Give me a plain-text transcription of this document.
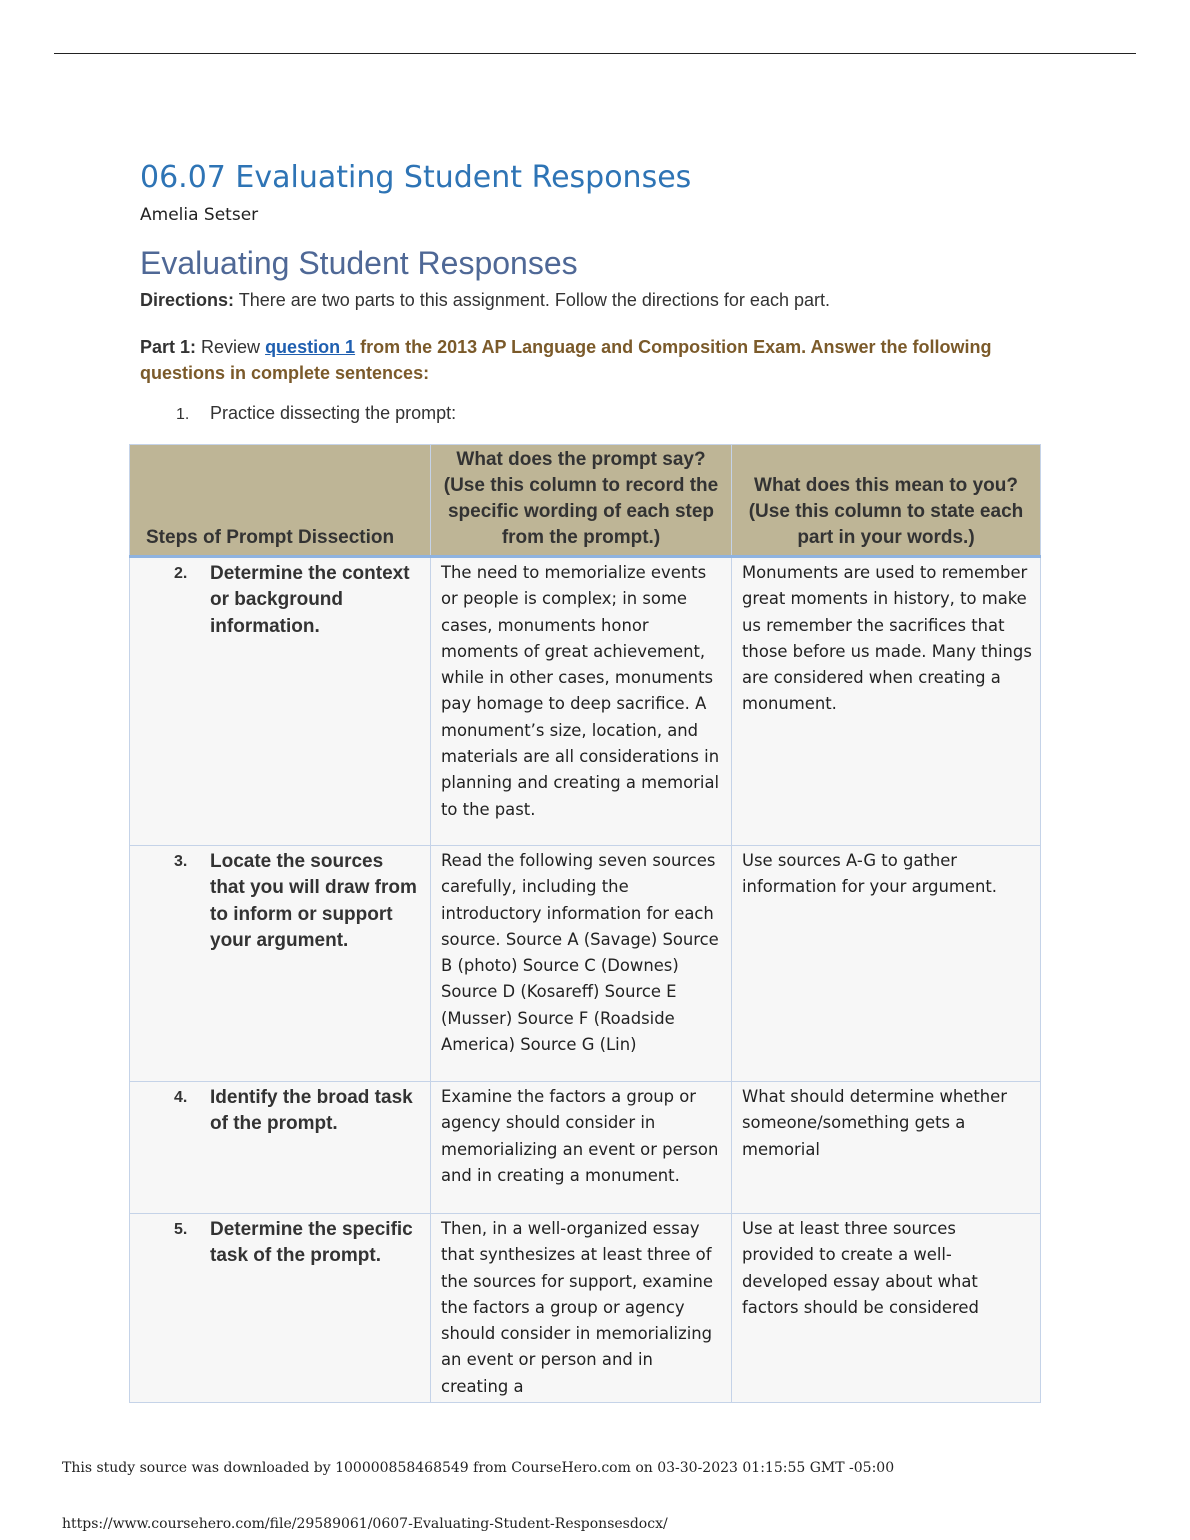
06.07 Evaluating Student Responses
Amelia Setser
Evaluating Student Responses
Directions: There are two parts to this assignment. Follow the directions for each part.
Part 1: Review question 1 from the 2013 AP Language and Composition Exam. Answer the following questions in complete sentences:
1. Practice dissecting the prompt:
Steps of Prompt Dissection	What does the prompt say? (Use this column to record the specific wording of each step from the prompt.)	What does this mean to you? (Use this column to state each part in your words.)

2. Determine the context or background information.	The need to memorialize events or people is complex; in some cases, monuments honor moments of great achievement, while in other cases, monuments pay homage to deep sacrifice. A monument’s size, location, and materials are all considerations in planning and creating a memorial to the past.	Monuments are used to remember great moments in history, to make us remember the sacrifices that those before us made. Many things are considered when creating a monument.

3. Locate the sources that you will draw from to inform or support your argument.	Read the following seven sources carefully, including the introductory information for each source. Source A (Savage) Source B (photo) Source C (Downes) Source D (Kosareff) Source E (Musser) Source F (Roadside America) Source G (Lin)	Use sources A-G to gather information for your argument.

4. Identify the broad task of the prompt.	Examine the factors a group or agency should consider in memorializing an event or person and in creating a monument.	What should determine whether someone/something gets a memorial

5. Determine the specific task of the prompt.	Then, in a well-organized essay that synthesizes at least three of the sources for support, examine the factors a group or agency should consider in memorializing an event or person and in creating a	Use at least three sources provided to create a well-developed essay about what factors should be considered
This study source was downloaded by 100000858468549 from CourseHero.com on 03-30-2023 01:15:55 GMT -05:00
https://www.coursehero.com/file/29589061/0607-Evaluating-Student-Responsesdocx/
